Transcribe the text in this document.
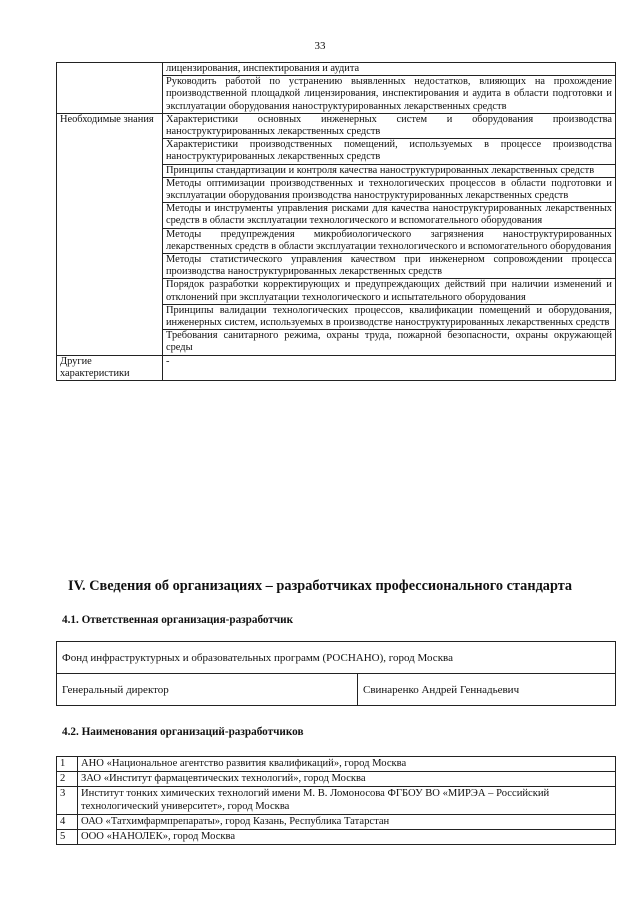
33
	лицензирования, инспектирования и аудита
	Руководить работой по устранению выявленных недостатков, влияющих на прохождение производственной площадкой лицензирования, инспектирования и аудита в области подготовки и эксплуатации оборудования наноструктурированных лекарственных средств
Необходимые знания	Характеристики основных инженерных систем и оборудования производства наноструктурированных лекарственных средств
	Характеристики производственных помещений, используемых в процессе производства наноструктурированных лекарственных средств
	Принципы стандартизации и контроля качества наноструктурированных лекарственных средств
	Методы оптимизации производственных и технологических процессов в области подготовки и эксплуатации оборудования производства наноструктурированных лекарственных средств
	Методы и инструменты управления рисками для качества наноструктурированных лекарственных средств в области эксплуатации технологического и вспомогательного оборудования
	Методы предупреждения микробиологического загрязнения наноструктурированных лекарственных средств в области эксплуатации технологического и вспомогательного оборудования
	Методы статистического управления качеством при инженерном сопровождении процесса производства наноструктурированных лекарственных средств
	Порядок разработки корректирующих и предупреждающих действий при наличии изменений и отклонений при эксплуатации технологического и испытательного оборудования
	Принципы валидации технологических процессов, квалификации помещений и оборудования, инженерных систем, используемых в производстве наноструктурированных лекарственных средств
	Требования санитарного режима, охраны труда, пожарной безопасности, охраны окружающей среды
Другие характеристики	-
IV. Сведения об организациях – разработчиках профессионального стандарта
4.1. Ответственная организация-разработчик
Фонд инфраструктурных и образовательных программ (РОСНАНО), город Москва
Генеральный директор	Свинаренко Андрей Геннадьевич
4.2. Наименования организаций-разработчиков
1	АНО «Национальное агентство развития квалификаций», город Москва
2	ЗАО «Институт фармацевтических технологий», город Москва
3	Институт тонких химических технологий имени М. В. Ломоносова ФГБОУ ВО «МИРЭА – Российский технологический университет», город Москва
4	ОАО «Татхимфармпрепараты», город Казань, Республика Татарстан
5	ООО «НАНОЛЕК», город Москва
